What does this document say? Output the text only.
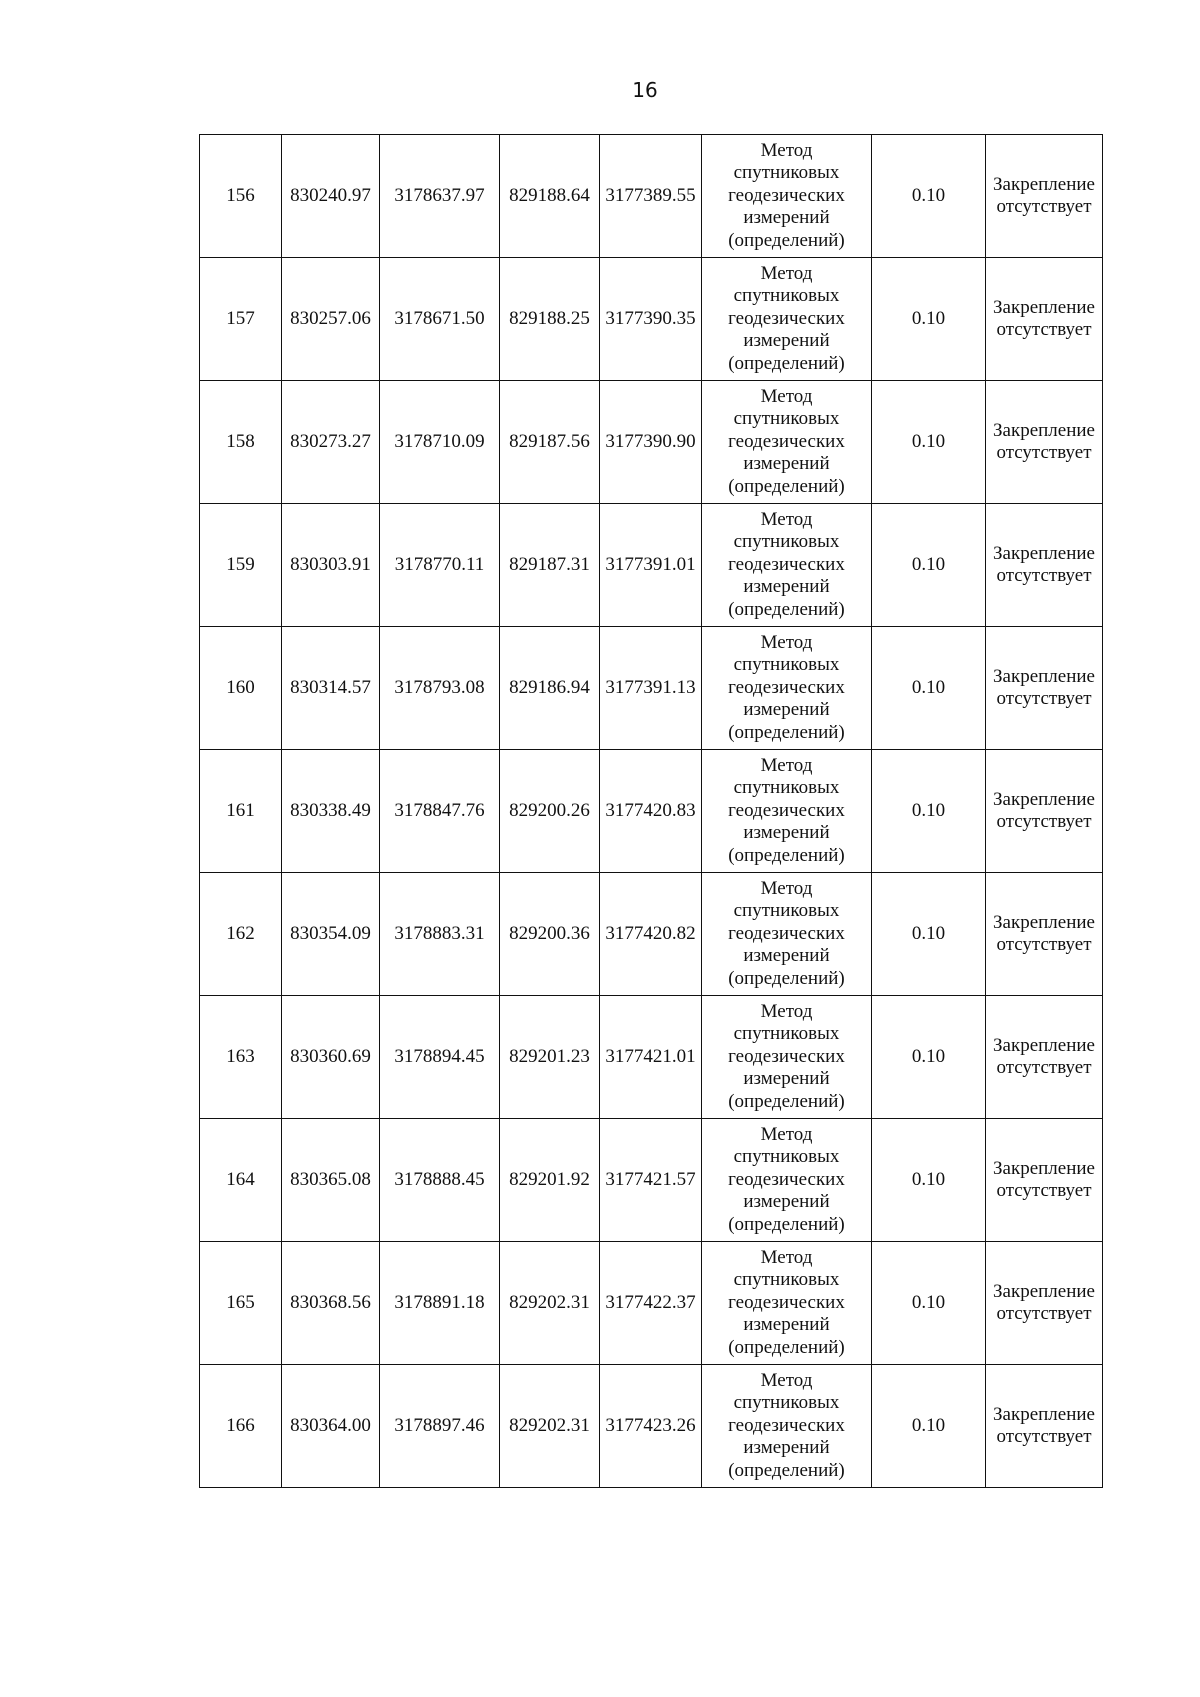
16
156	830240.97	3178637.97	829188.64	3177389.55	Метод
спутниковых
геодезических
измерений
(определений)	0.10	Закрепление
отсутствует

157	830257.06	3178671.50	829188.25	3177390.35	Метод
спутниковых
геодезических
измерений
(определений)	0.10	Закрепление
отсутствует

158	830273.27	3178710.09	829187.56	3177390.90	Метод
спутниковых
геодезических
измерений
(определений)	0.10	Закрепление
отсутствует

159	830303.91	3178770.11	829187.31	3177391.01	Метод
спутниковых
геодезических
измерений
(определений)	0.10	Закрепление
отсутствует

160	830314.57	3178793.08	829186.94	3177391.13	Метод
спутниковых
геодезических
измерений
(определений)	0.10	Закрепление
отсутствует

161	830338.49	3178847.76	829200.26	3177420.83	Метод
спутниковых
геодезических
измерений
(определений)	0.10	Закрепление
отсутствует

162	830354.09	3178883.31	829200.36	3177420.82	Метод
спутниковых
геодезических
измерений
(определений)	0.10	Закрепление
отсутствует

163	830360.69	3178894.45	829201.23	3177421.01	Метод
спутниковых
геодезических
измерений
(определений)	0.10	Закрепление
отсутствует

164	830365.08	3178888.45	829201.92	3177421.57	Метод
спутниковых
геодезических
измерений
(определений)	0.10	Закрепление
отсутствует

165	830368.56	3178891.18	829202.31	3177422.37	Метод
спутниковых
геодезических
измерений
(определений)	0.10	Закрепление
отсутствует

166	830364.00	3178897.46	829202.31	3177423.26	Метод
спутниковых
геодезических
измерений
(определений)	0.10	Закрепление
отсутствует
